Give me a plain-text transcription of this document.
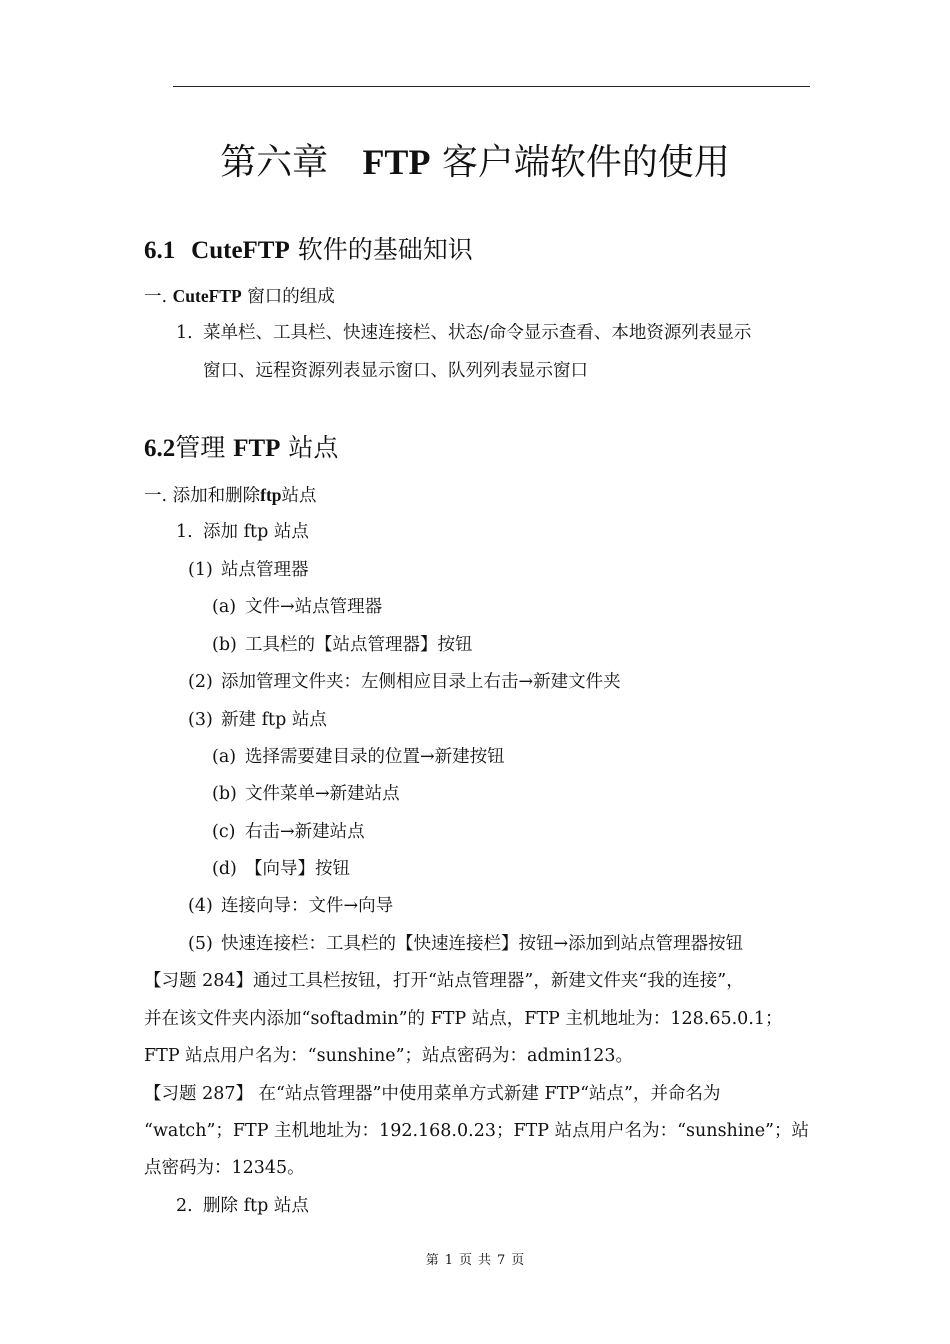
第六章 FTP 客户端软件的使用
6.1 CuteFTP 软件的基础知识
一. CuteFTP 窗口的组成
1. 菜单栏、工具栏、快速连接栏、状态/命令显示查看、本地资源列表显示
窗口、远程资源列表显示窗口、队列列表显示窗口
6.2管理 FTP 站点
一. 添加和删除ftp站点
1. 添加 ftp 站点
(1) 站点管理器
(a) 文件→站点管理器
(b) 工具栏的【站点管理器】按钮
(2) 添加管理文件夹：左侧相应目录上右击→新建文件夹
(3) 新建 ftp 站点
(a) 选择需要建目录的位置→新建按钮
(b) 文件菜单→新建站点
(c) 右击→新建站点
(d) 【向导】按钮
(4) 连接向导：文件→向导
(5) 快速连接栏：工具栏的【快速连接栏】按钮→添加到站点管理器按钮
【习题 284】通过工具栏按钮，打开“站点管理器”，新建文件夹“我的连接”，
并在该文件夹内添加“softadmin”的 FTP 站点，FTP 主机地址为：128.65.0.1；
FTP 站点用户名为：“sunshine”；站点密码为：admin123。
【习题 287】 在“站点管理器”中使用菜单方式新建 FTP“站点”，并命名为
“watch”；FTP 主机地址为：192.168.0.23；FTP 站点用户名为：“sunshine”；站
点密码为：12345。
2. 删除 ftp 站点
第 1 页 共 7 页
